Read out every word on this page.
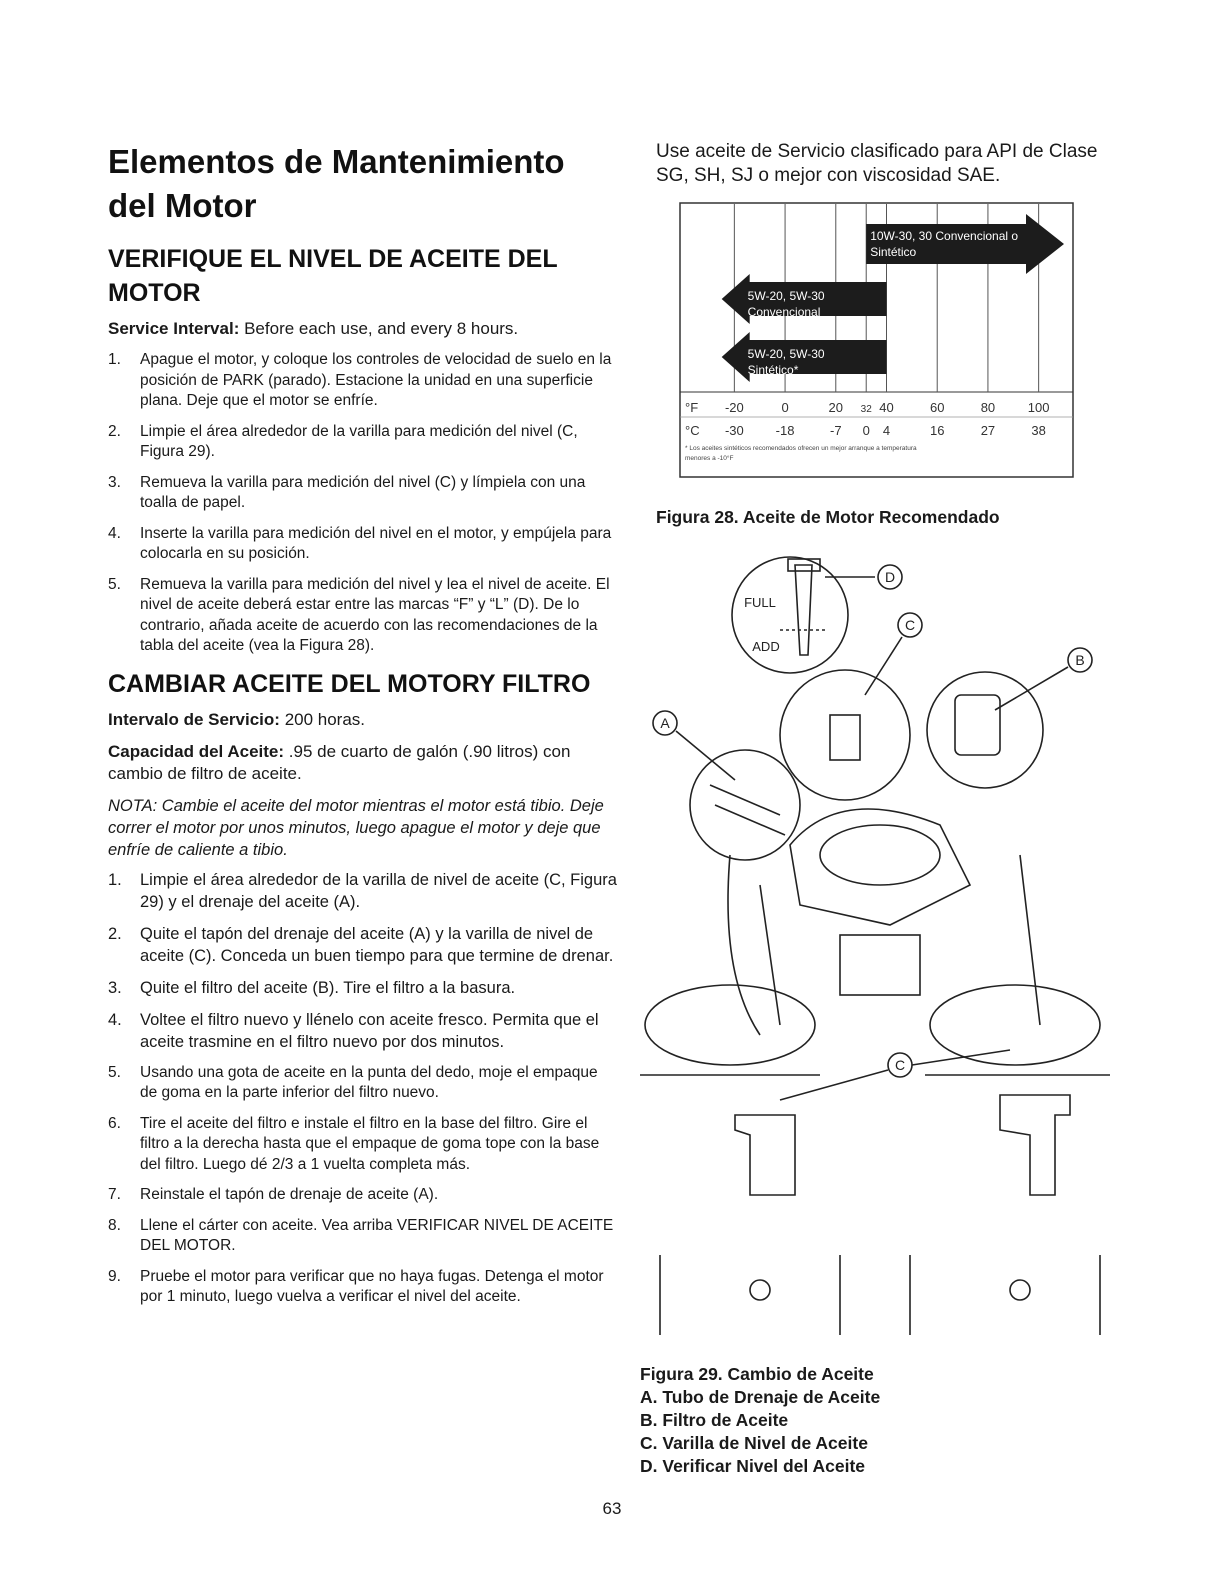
Elementos de Mantenimiento del Motor
VERIFIQUE EL NIVEL DE ACEITE DEL MOTOR

Service Interval: Before each use, and every 8 hours.

1. Apague el motor, y coloque los controles de velocidad de suelo en la posición de PARK (parado). Estacione la unidad en una superficie plana. Deje que el motor se enfríe.
2. Limpie el área alrededor de la varilla para medición del nivel (C, Figura 29).
3. Remueva la varilla para medición del nivel (C) y límpiela con una toalla de papel.
4. Inserte la varilla para medición del nivel en el motor, y empújela para colocarla en su posición.
5. Remueva la varilla para medición del nivel y lea el nivel de aceite. El nivel de aceite deberá estar entre las marcas “F” y “L” (D). De lo contrario, añada aceite de acuerdo con las recomendaciones de la tabla del aceite (vea la Figura 28).
CAMBIAR ACEITE DEL MOTORY FILTRO

Intervalo de Servicio: 200 horas.

Capacidad del Aceite: .95 de cuarto de galón (.90 litros) con cambio de filtro de aceite.

NOTA: Cambie el aceite del motor mientras el motor está tibio. Deje correr el motor por unos minutos, luego apague el motor y deje que enfríe de caliente a tibio.

1. Limpie el área alrededor de la varilla de nivel de aceite (C, Figura 29) y el drenaje del aceite (A).
2. Quite el tapón del drenaje del aceite (A) y la varilla de nivel de aceite (C). Conceda un buen tiempo para que termine de drenar.
3. Quite el filtro del aceite (B). Tire el filtro a la basura.
4. Voltee el filtro nuevo y llénelo con aceite fresco. Permita que el aceite trasmine en el filtro nuevo por dos minutos.
5. Usando una gota de aceite en la punta del dedo, moje el empaque de goma en la parte inferior del filtro nuevo.
6. Tire el aceite del filtro e instale el filtro en la base del filtro. Gire el filtro a la derecha hasta que el empaque de goma tope con la base del filtro. Luego dé 2/3 a 1 vuelta completa más.
7. Reinstale el tapón de drenaje de aceite (A).
8. Llene el cárter con aceite. Vea arriba VERIFICAR NIVEL DE ACEITE DEL MOTOR.
9. Pruebe el motor para verificar que no haya fugas. Detenga el motor por 1 minuto, luego vuelva a verificar el nivel del aceite.

Use aceite de Servicio clasificado para API de Clase SG, SH, SJ o mejor con viscosidad SAE.

10W-30, 30 Convencional o
Sintético
5W-20, 5W-30
Convencional
5W-20, 5W-30
Sintético*
°F
°C
-20
-30
0
-18
20
-7
32
0
40
4
60
16
80
27
100
38
* Los aceites sintéticos recomendados ofrecen un mejor arranque a temperatura
menores a -10°F
Figura 28. Aceite de Motor Recomendado
D
C
B
A
C
FULL
ADD
Figura 29. Cambio de Aceite
A. Tubo de Drenaje de Aceite
B. Filtro de Aceite
C. Varilla de Nivel de Aceite
D. Verificar Nivel del Aceite
63
